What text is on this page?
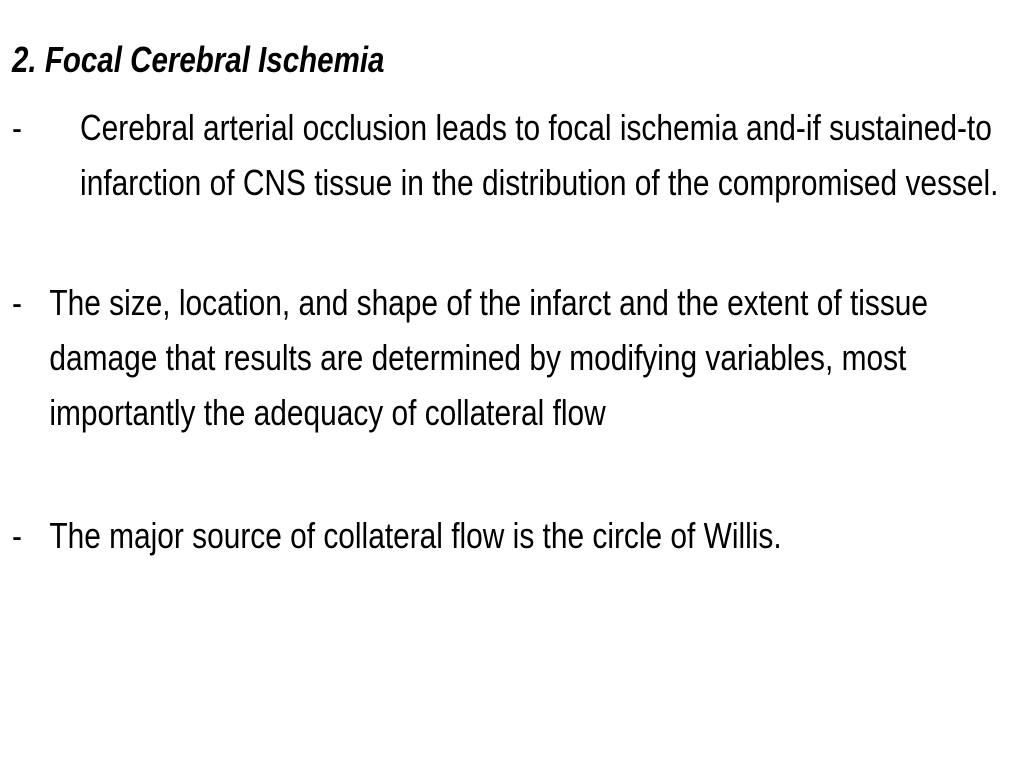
2. Focal Cerebral Ischemia
-	Cerebral arterial occlusion leads to focal ischemia and-if sustained-to infarction of CNS tissue in the distribution of the compromised vessel.
- The size, location, and shape of the infarct and the extent of tissue damage that results are determined by modifying variables, most importantly the adequacy of collateral flow
- The major source of collateral flow is the circle of Willis.
